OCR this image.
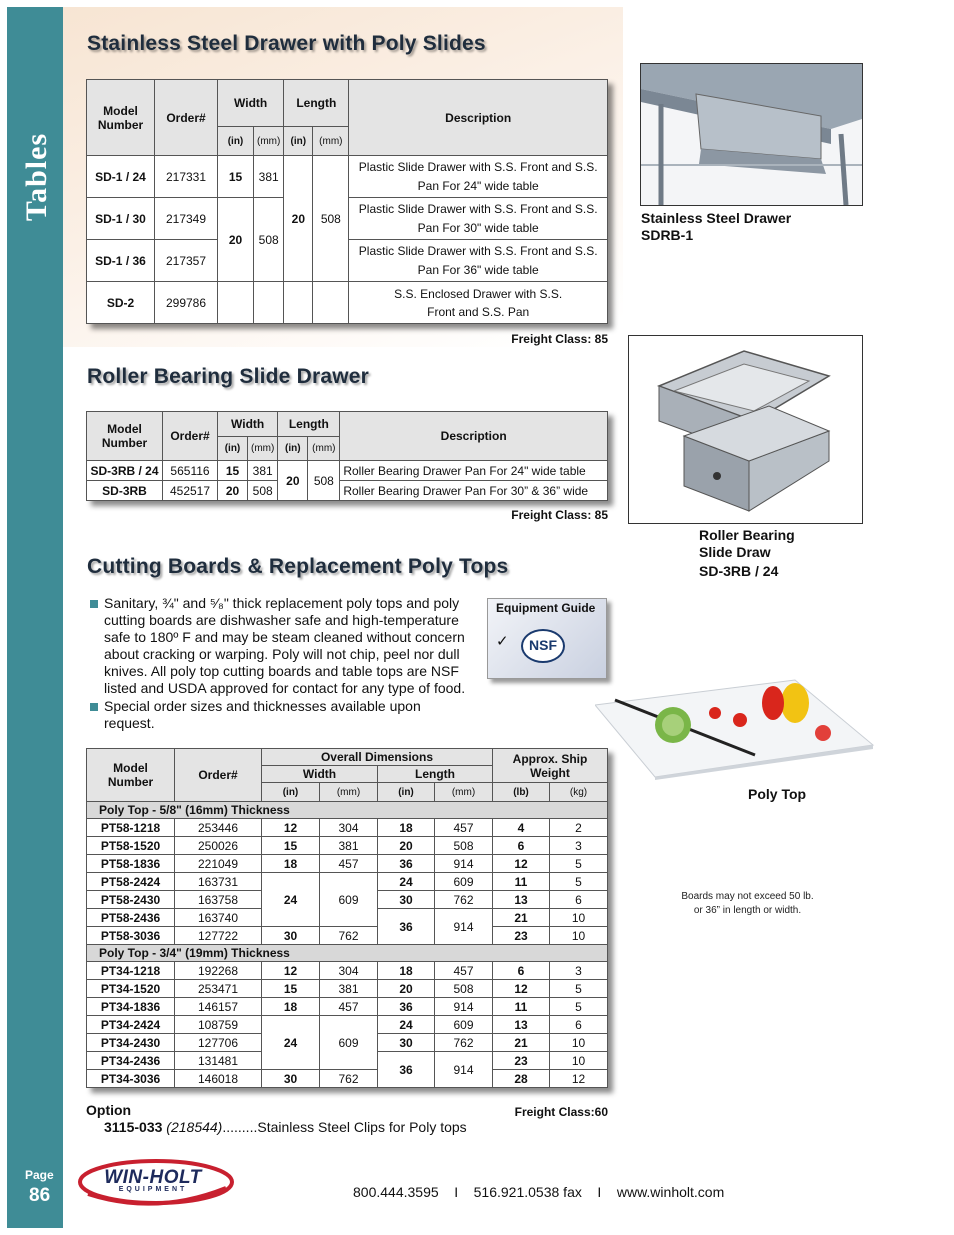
Tables
Page
86
Stainless Steel Drawer with Poly Slides
Model Number	Order#	Width		Length		Description
		(in)	(mm)	(in)	(mm)	
SD-1 / 24	217331	15	381	20	508	Plastic Slide Drawer with S.S. Front and S.S. Pan For 24" wide table
SD-1 / 30	217349	20	508			Plastic Slide Drawer with S.S. Front and S.S. Pan For 30" wide table
SD-1 / 36	217357					Plastic Slide Drawer with S.S. Front and S.S. Pan For 36" wide table
SD-2	299786					S.S. Enclosed Drawer with S.S. Front and S.S. Pan
Freight Class: 85
Roller Bearing Slide Drawer
Model Number	Order#	Width		Length		Description
		(in)	(mm)	(in)	(mm)	
SD-3RB / 24	565116	15	381	20	508	Roller Bearing Drawer Pan For 24" wide table
SD-3RB	452517	20	508			Roller Bearing Drawer Pan For 30” & 36” wide
Freight Class: 85
Cutting Boards & Replacement Poly Tops
Sanitary, ¾" and ⁵⁄₈" thick replacement poly tops and poly cutting boards are dishwasher safe and high-temperature safe to 180º F and may be steam cleaned without concern about cracking or warping. Poly will not chip, peel nor dull knives. All poly top cutting boards and table tops are NSF listed and USDA approved for contact for any type of food.
Special order sizes and thicknesses available upon request.
Equipment Guide
✓	NSF
Model Number	Order#	Overall Dimensions				Approx. Ship Weight	
		Width		Length			
		(in)	(mm)	(in)	(mm)	(lb)	(kg)
Poly Top - 5/8" (16mm) Thickness							
PT58-1218	253446	12	304	18	457	4	2
PT58-1520	250026	15	381	20	508	6	3
PT58-1836	221049	18	457	36	914	12	5
PT58-2424	163731	24	609	24	609	11	5
PT58-2430	163758			30	762	13	6
PT58-2436	163740			36	914	21	10
PT58-3036	127722	30	762			23	10
Poly Top - 3/4" (19mm) Thickness							
PT34-1218	192268	12	304	18	457	6	3
PT34-1520	253471	15	381	20	508	12	5
PT34-1836	146157	18	457	36	914	11	5
PT34-2424	108759	24	609	24	609	13	6
PT34-2430	127706			30	762	21	10
PT34-2436	131481			36	914	23	10
PT34-3036	146018	30	762			28	12
Option
3115-033 (218544).........Stainless Steel Clips for Poly tops
Freight Class:60
Stainless Steel Drawer
SDRB-1
Roller Bearing
Slide Draw
SD-3RB / 24
Poly Top
Boards may not exceed 50 lb.
or 36” in length or width.
WIN-HOLT
EQUIPMENT	800.444.3595    I    516.921.0538 fax    I    www.winholt.com
